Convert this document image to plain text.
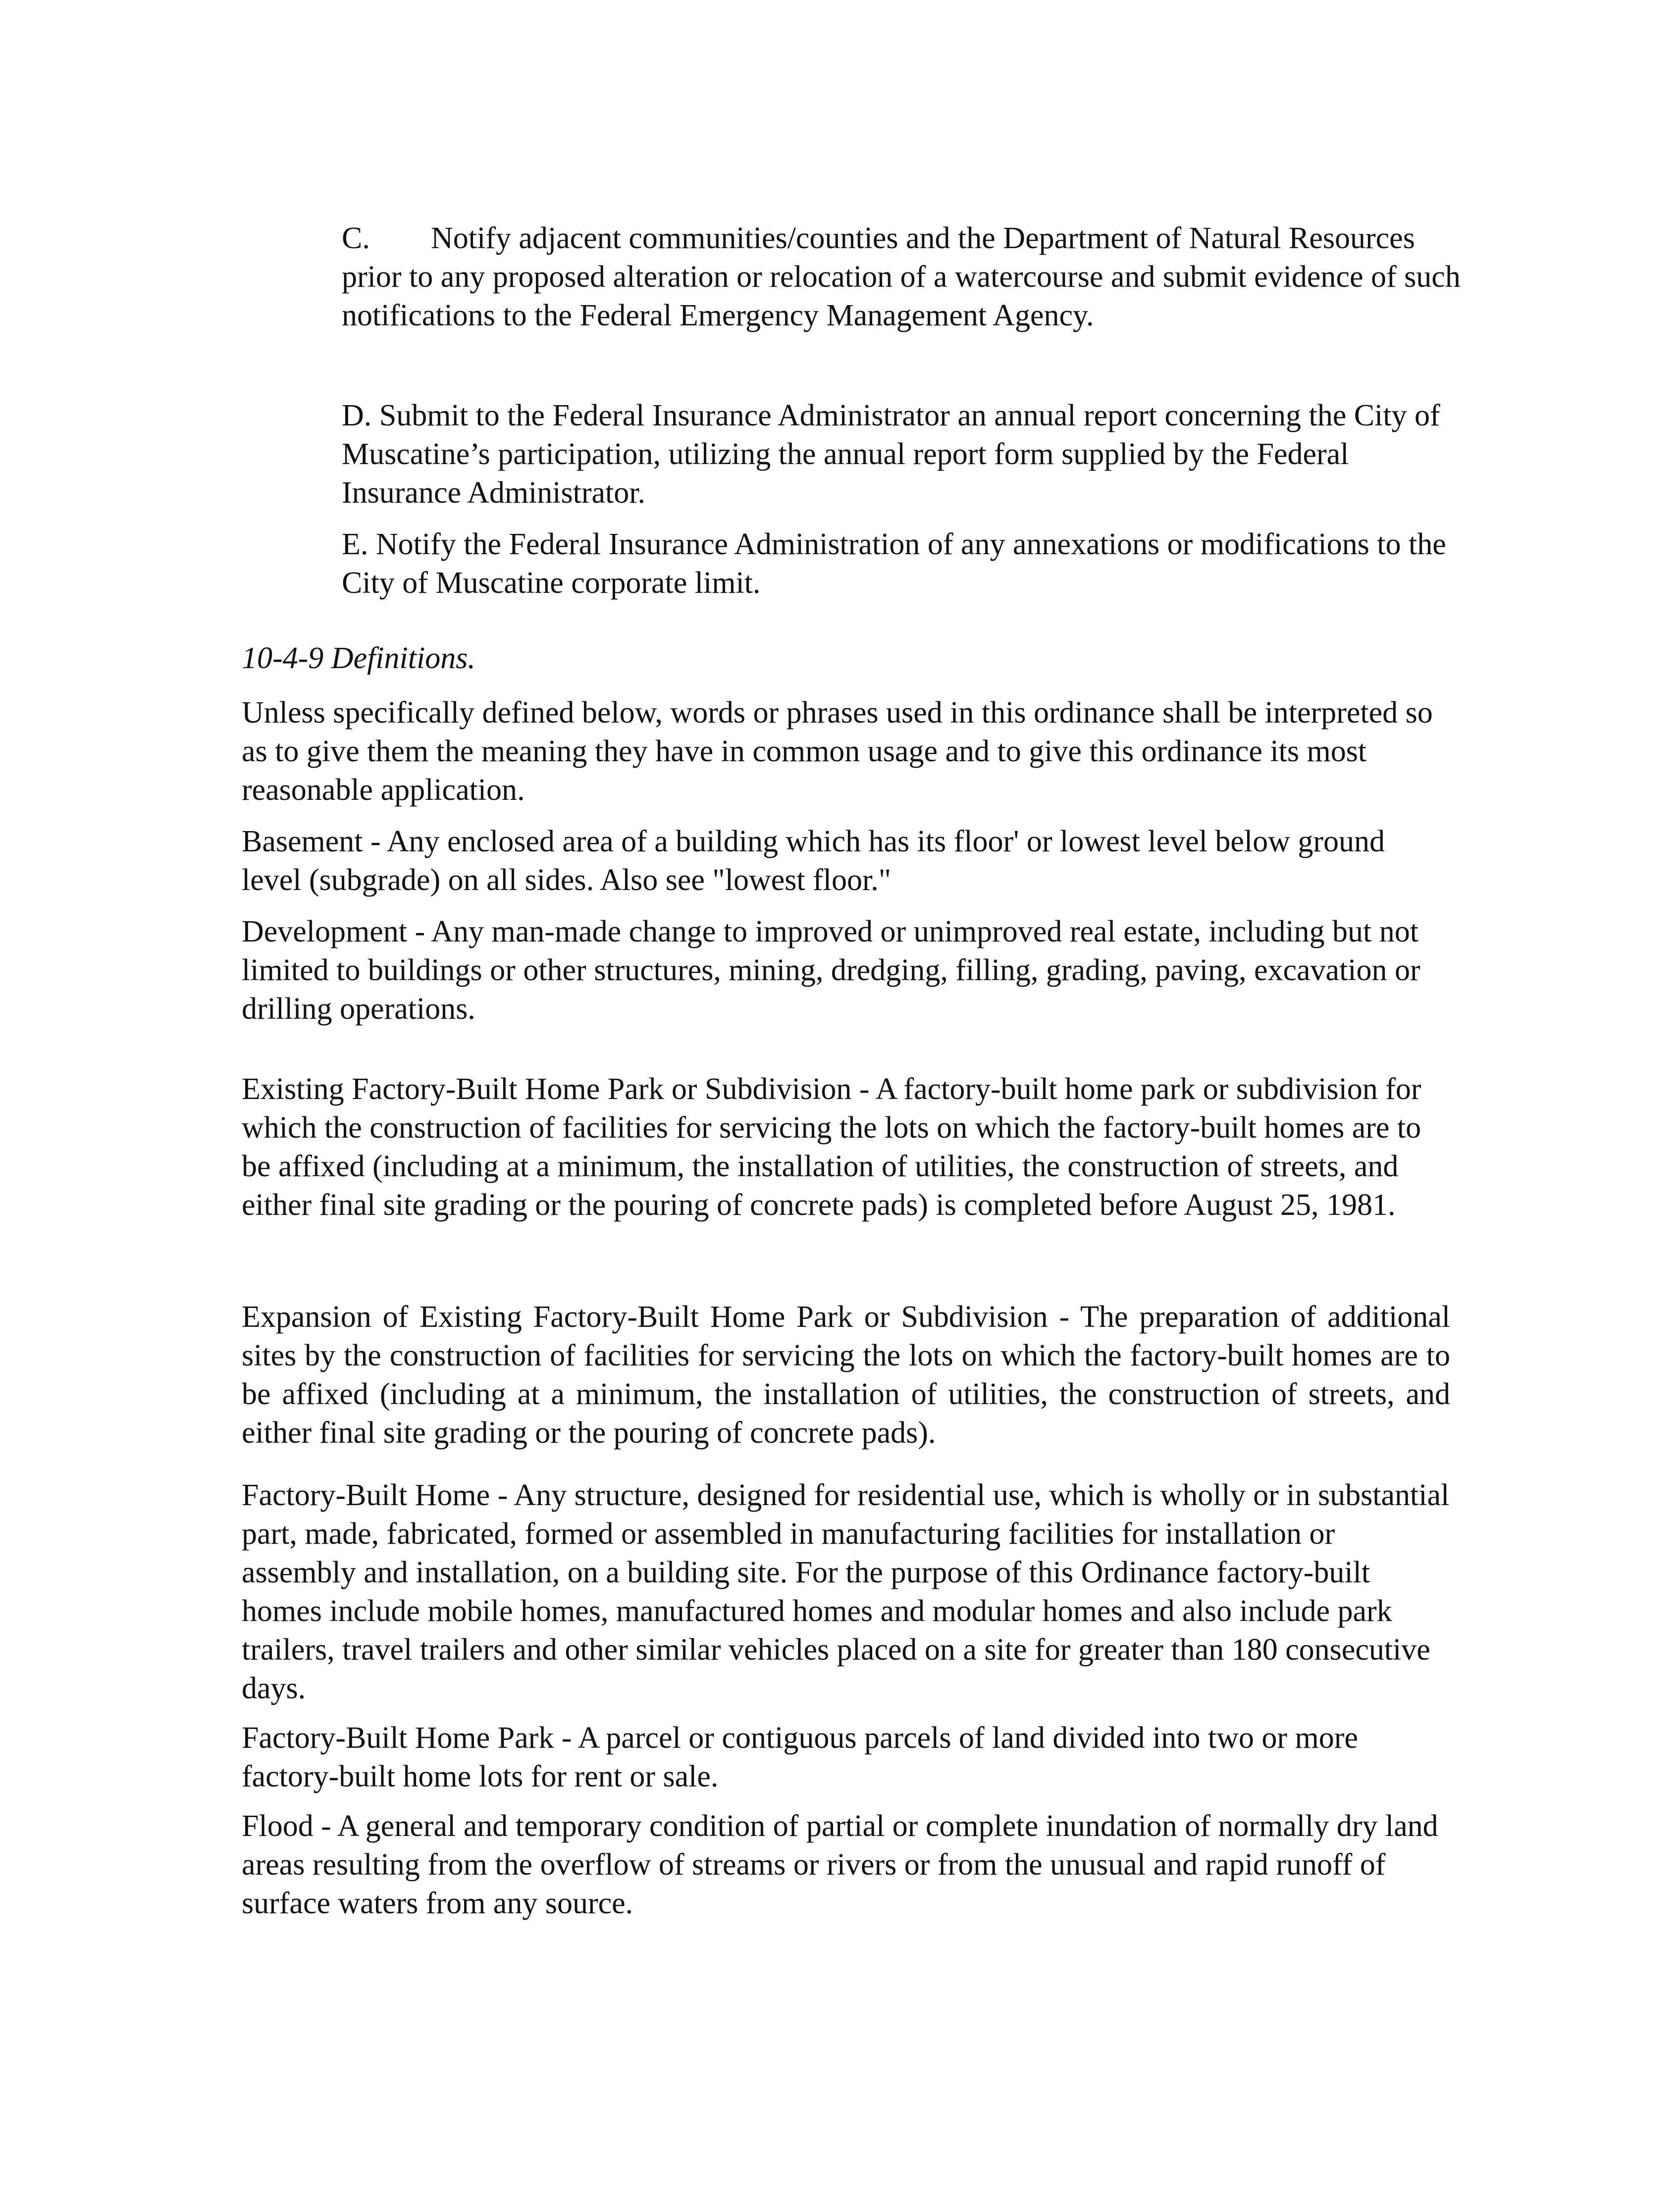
C. Notify adjacent communities/counties and the Department of Natural Resources prior to any proposed alteration or relocation of a watercourse and submit evidence of such notifications to the Federal Emergency Management Agency.

D. Submit to the Federal Insurance Administrator an annual report concerning the City of Muscatine’s participation, utilizing the annual report form supplied by the Federal Insurance Administrator.

E. Notify the Federal Insurance Administration of any annexations or modifications to the City of Muscatine corporate limit.

10-4-9 Definitions.

Unless specifically defined below, words or phrases used in this ordinance shall be interpreted so as to give them the meaning they have in common usage and to give this ordinance its most reasonable application.

Basement - Any enclosed area of a building which has its floor' or lowest level below ground level (subgrade) on all sides. Also see "lowest floor."

Development - Any man-made change to improved or unimproved real estate, including but not limited to buildings or other structures, mining, dredging, filling, grading, paving, excavation or drilling operations.

Existing Factory-Built Home Park or Subdivision - A factory-built home park or subdivision for which the construction of facilities for servicing the lots on which the factory-built homes are to be affixed (including at a minimum, the installation of utilities, the construction of streets, and either final site grading or the pouring of concrete pads) is completed before August 25, 1981.

Expansion of Existing Factory-Built Home Park or Subdivision - The preparation of additional sites by the construction of facilities for servicing the lots on which the factory-built homes are to be affixed (including at a minimum, the installation of utilities, the construction of streets, and either final site grading or the pouring of concrete pads).

Factory-Built Home - Any structure, designed for residential use, which is wholly or in substantial part, made, fabricated, formed or assembled in manufacturing facilities for installation or assembly and installation, on a building site. For the purpose of this Ordinance factory-built homes include mobile homes, manufactured homes and modular homes and also include park trailers, travel trailers and other similar vehicles placed on a site for greater than 180 consecutive days.

Factory-Built Home Park - A parcel or contiguous parcels of land divided into two or more factory-built home lots for rent or sale.

Flood - A general and temporary condition of partial or complete inundation of normally dry land areas resulting from the overflow of streams or rivers or from the unusual and rapid runoff of surface waters from any source.
